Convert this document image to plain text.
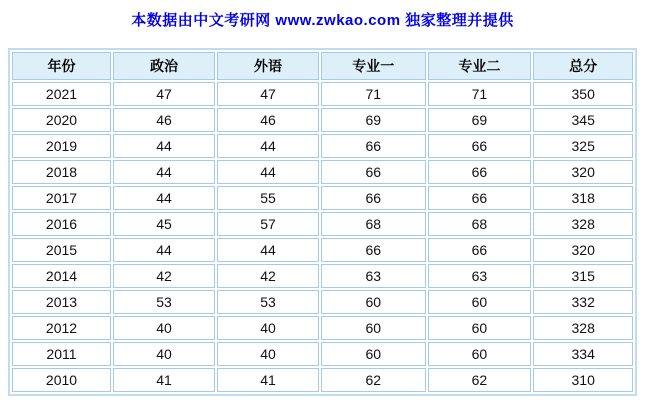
本数据由中文考研网 www.zwkao.com 独家整理并提供
年份	政治	外语	专业一	专业二	总分
2021	47	47	71	71	350
2020	46	46	69	69	345
2019	44	44	66	66	325
2018	44	44	66	66	320
2017	44	55	66	66	318
2016	45	57	68	68	328
2015	44	44	66	66	320
2014	42	42	63	63	315
2013	53	53	60	60	332
2012	40	40	60	60	328
2011	40	40	60	60	334
2010	41	41	62	62	310
